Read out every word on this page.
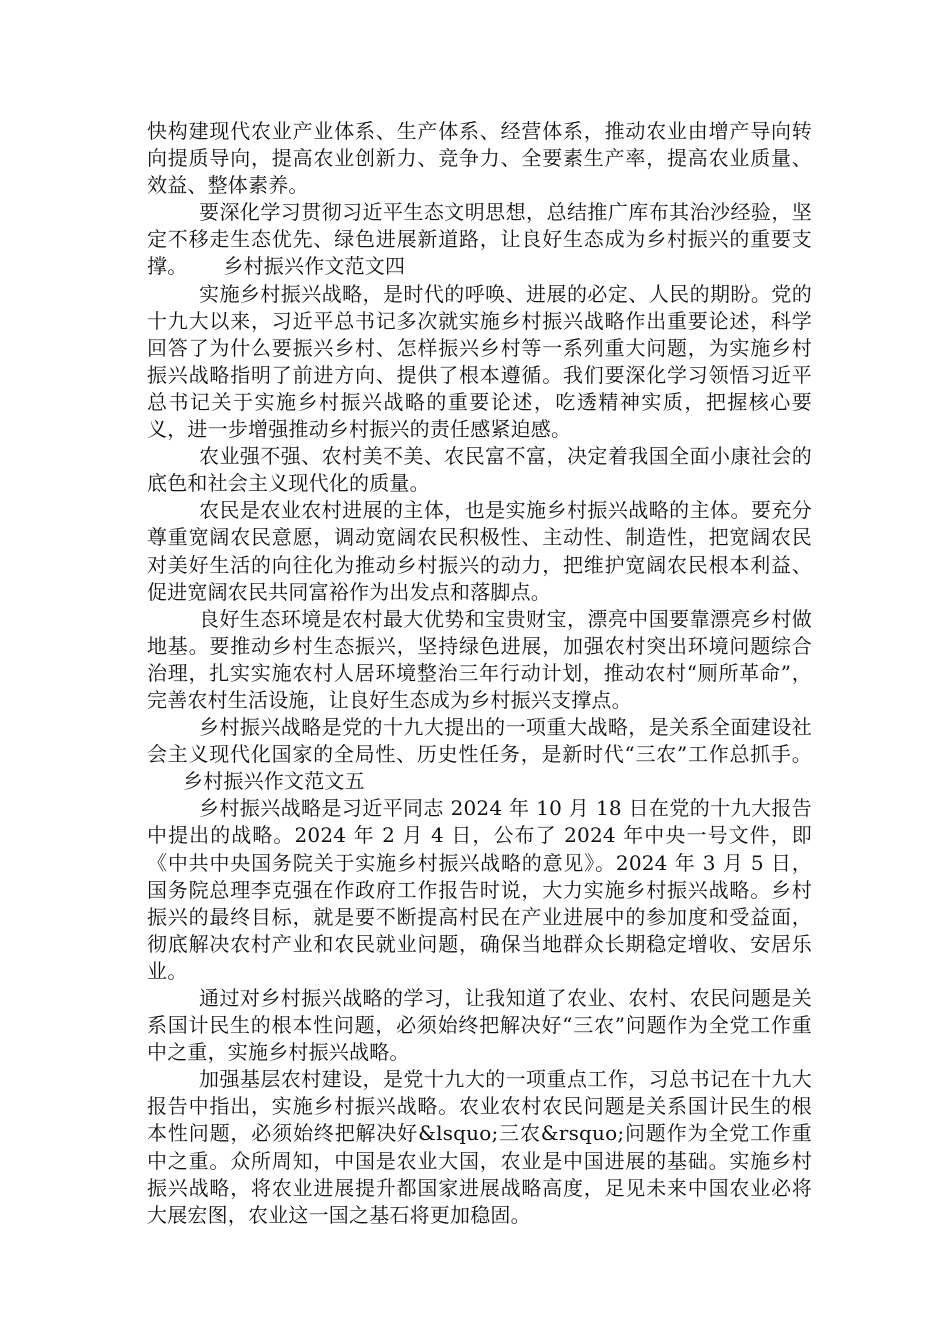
快构建现代农业产业体系、生产体系、经营体系，推动农业由增产导向转向提质导向，提高农业创新力、竞争力、全要素生产率，提高农业质量、效益、整体素养。

要深化学习贯彻习近平生态文明思想，总结推广库布其治沙经验，坚定不移走生态优先、绿色进展新道路，让良好生态成为乡村振兴的重要支撑。 乡村振兴作文范文四

实施乡村振兴战略，是时代的呼唤、进展的必定、人民的期盼。党的十九大以来，习近平总书记多次就实施乡村振兴战略作出重要论述，科学回答了为什么要振兴乡村、怎样振兴乡村等一系列重大问题，为实施乡村振兴战略指明了前进方向、提供了根本遵循。我们要深化学习领悟习近平总书记关于实施乡村振兴战略的重要论述，吃透精神实质，把握核心要义，进一步增强推动乡村振兴的责任感紧迫感。

农业强不强、农村美不美、农民富不富，决定着我国全面小康社会的底色和社会主义现代化的质量。

农民是农业农村进展的主体，也是实施乡村振兴战略的主体。要充分尊重宽阔农民意愿，调动宽阔农民积极性、主动性、制造性，把宽阔农民对美好生活的向往化为推动乡村振兴的动力，把维护宽阔农民根本利益、促进宽阔农民共同富裕作为出发点和落脚点。

良好生态环境是农村最大优势和宝贵财宝，漂亮中国要靠漂亮乡村做地基。要推动乡村生态振兴，坚持绿色进展，加强农村突出环境问题综合治理，扎实实施农村人居环境整治三年行动计划，推动农村“厕所革命”，完善农村生活设施，让良好生态成为乡村振兴支撑点。

乡村振兴战略是党的十九大提出的一项重大战略，是关系全面建设社会主义现代化国家的全局性、历史性任务，是新时代“三农”工作总抓手。乡村振兴作文范文五

乡村振兴战略是习近平同志 2024 年 10 月 18 日在党的十九大报告中提出的战略。2024 年 2 月 4 日，公布了 2024 年中央一号文件，即《中共中央国务院关于实施乡村振兴战略的意见》。2024 年 3 月 5 日，国务院总理李克强在作政府工作报告时说，大力实施乡村振兴战略。乡村振兴的最终目标，就是要不断提高村民在产业进展中的参加度和受益面，彻底解决农村产业和农民就业问题，确保当地群众长期稳定增收、安居乐业。

通过对乡村振兴战略的学习，让我知道了农业、农村、农民问题是关系国计民生的根本性问题，必须始终把解决好“三农”问题作为全党工作重中之重，实施乡村振兴战略。

加强基层农村建设，是党十九大的一项重点工作，习总书记在十九大报告中指出，实施乡村振兴战略。农业农村农民问题是关系国计民生的根本性问题，必须始终把解决好&lsquo;三农&rsquo;问题作为全党工作重中之重。众所周知，中国是农业大国，农业是中国进展的基础。实施乡村振兴战略，将农业进展提升都国家进展战略高度，足见未来中国农业必将大展宏图，农业这一国之基石将更加稳固。
